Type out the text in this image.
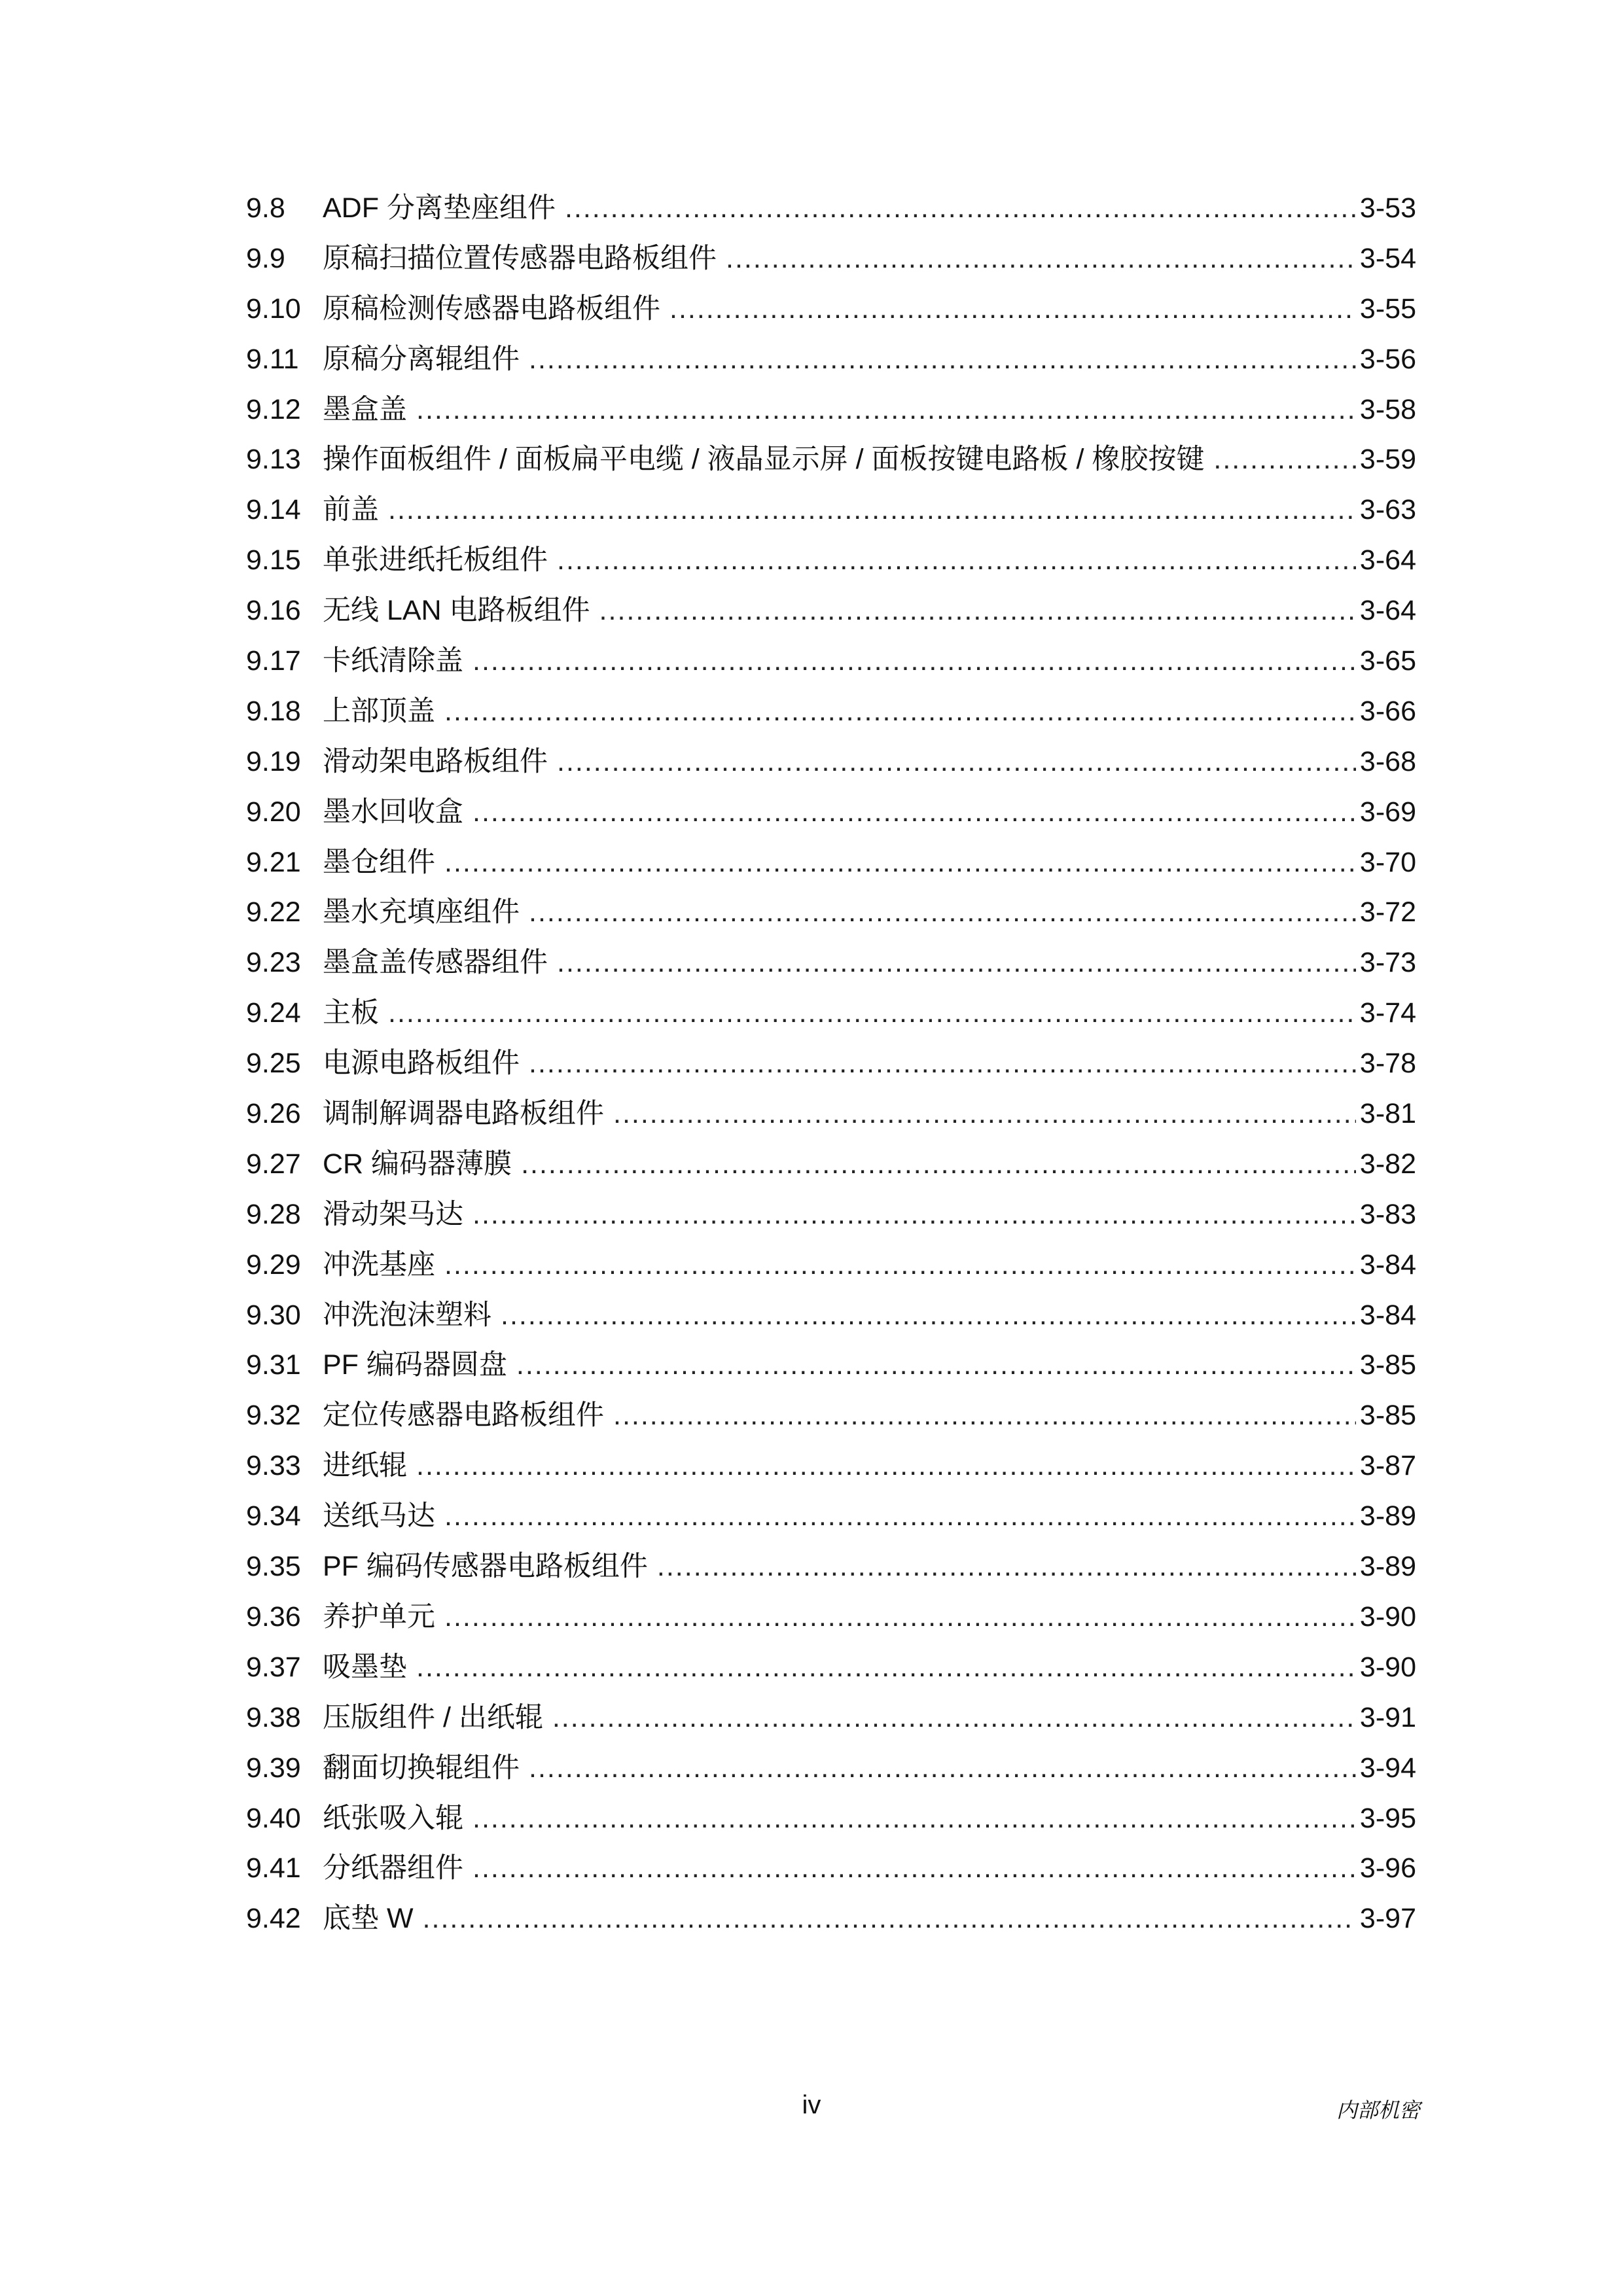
9.8	ADF 分离垫座组件 .....	3-53
9.9	原稿扫描位置传感器电路板组件 .....	3-54
9.10 原稿检测传感器电路板组件 .....	3-55
9.11 原稿分离辊组件 .....	3-56
9.12 墨盒盖 .....	3-58
9.13 操作面板组件 / 面板扁平电缆 / 液晶显示屏 / 面板按键电路板 / 橡胶按键 .....	3-59
9.14 前盖 .....	3-63
9.15 单张进纸托板组件 .....	3-64
9.16 无线 LAN 电路板组件 .....	3-64
9.17 卡纸清除盖 .....	3-65
9.18 上部顶盖 .....	3-66
9.19 滑动架电路板组件 .....	3-68
9.20 墨水回收盒 .....	3-69
9.21 墨仓组件 .....	3-70
9.22 墨水充填座组件 .....	3-72
9.23 墨盒盖传感器组件 .....	3-73
9.24 主板 .....	3-74
9.25 电源电路板组件 .....	3-78
9.26 调制解调器电路板组件 .....	3-81
9.27 CR 编码器薄膜 .....	3-82
9.28 滑动架马达 .....	3-83
9.29 冲洗基座 .....	3-84
9.30 冲洗泡沫塑料 .....	3-84
9.31 PF 编码器圆盘 .....	3-85
9.32 定位传感器电路板组件 .....	3-85
9.33 进纸辊 .....	3-87
9.34 送纸马达 .....	3-89
9.35 PF 编码传感器电路板组件 .....	3-89
9.36 养护单元 .....	3-90
9.37 吸墨垫 .....	3-90
9.38 压版组件 / 出纸辊 .....	3-91
9.39 翻面切换辊组件 .....	3-94
9.40 纸张吸入辊 .....	3-95
9.41 分纸器组件 .....	3-96
9.42 底垫 W .....	3-97
iv	内部机密
